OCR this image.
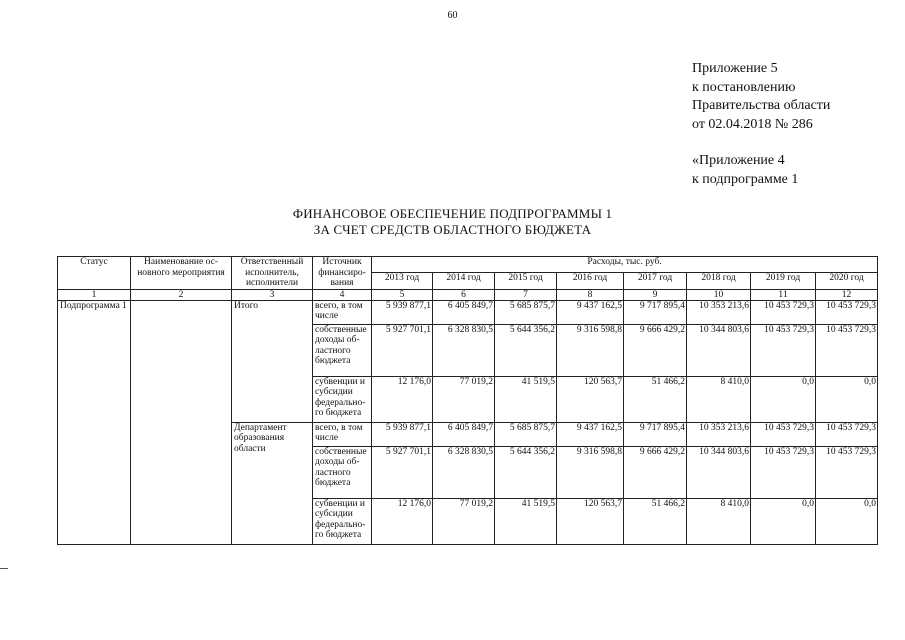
60
Приложение 5
к постановлению
Правительства области
от 02.04.2018 № 286
«Приложение 4
к подпрограмме 1
ФИНАНСОВОЕ ОБЕСПЕЧЕНИЕ ПОДПРОГРАММЫ 1
ЗА СЧЕТ СРЕДСТВ ОБЛАСТНОГО БЮДЖЕТА
Статус	Наименование ос-новного мероприятия	Ответственный исполнитель, исполнители	Источник финансиро-вания	Расходы, тыс. руб.							
				2013 год	2014 год	2015 год	2016 год	2017 год	2018 год	2019 год	2020 год
1	2	3	4	5	6	7	8	9	10	11	12
Подпрограмма 1		Итого	всего, в том числе	5 939 877,1	6 405 849,7	5 685 875,7	9 437 162,5	9 717 895,4	10 353 213,6	10 453 729,3	10 453 729,3
			собственные доходы об-ластного бюджета	5 927 701,1	6 328 830,5	5 644 356,2	9 316 598,8	9 666 429,2	10 344 803,6	10 453 729,3	10 453 729,3
			субвенции и субсидии федерально-го бюджета	12 176,0	77 019,2	41 519,5	120 563,7	51 466,2	8 410,0	0,0	0,0
		Департамент образования области	всего, в том числе	5 939 877,1	6 405 849,7	5 685 875,7	9 437 162,5	9 717 895,4	10 353 213,6	10 453 729,3	10 453 729,3
			собственные доходы об-ластного бюджета	5 927 701,1	6 328 830,5	5 644 356,2	9 316 598,8	9 666 429,2	10 344 803,6	10 453 729,3	10 453 729,3
			субвенции и субсидии федерально-го бюджета	12 176,0	77 019,2	41 519,5	120 563,7	51 466,2	8 410,0	0,0	0,0
